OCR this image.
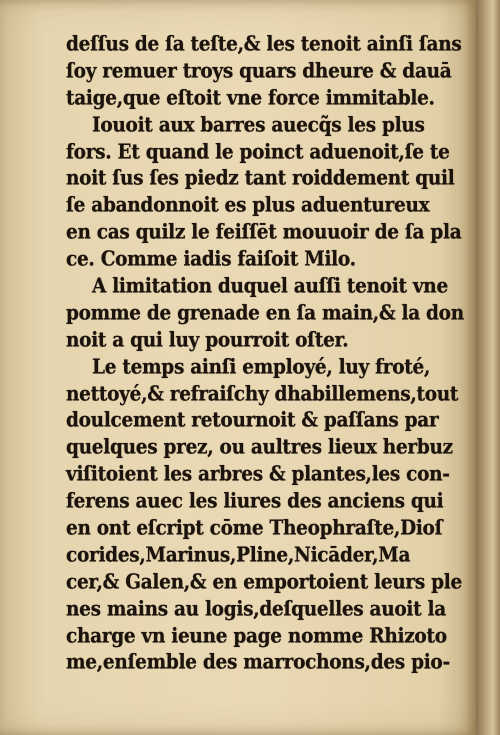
deſſus de ſa teſte,& les tenoit ainſi ſans
ſoy remuer troys quars dheure & dauā
taige,que eſtoit vne force immitable.
Iouoit aux barres auecq̃s les plus
fors. Et quand le poinct aduenoit,ſe te
noit ſus ſes piedz tant roiddement quil
ſe abandonnoit es plus aduentureux
en cas quilz le feiſſēt mouuoir de ſa pla
ce. Comme iadis faiſoit Milo.
A limitation duquel auſſi tenoit vne
pomme de grenade en ſa main,& la don
noit a qui luy pourroit oſter.
Le temps ainſi employé, luy froté,
nettoyé,& refraiſchy dhabillemens,tout
doulcement retournoit & paſſans par
quelques prez, ou aultres lieux herbuz
viſitoient les arbres & plantes,les con-
ferens auec les liures des anciens qui
en ont eſcript cōme Theophraſte,Dioſ
corides,Marinus,Pline,Nicāder,Ma
cer,& Galen,& en emportoient leurs ple
nes mains au logis,deſquelles auoit la
charge vn ieune page nomme Rhizoto
me,enſemble des marrochons,des pio-
